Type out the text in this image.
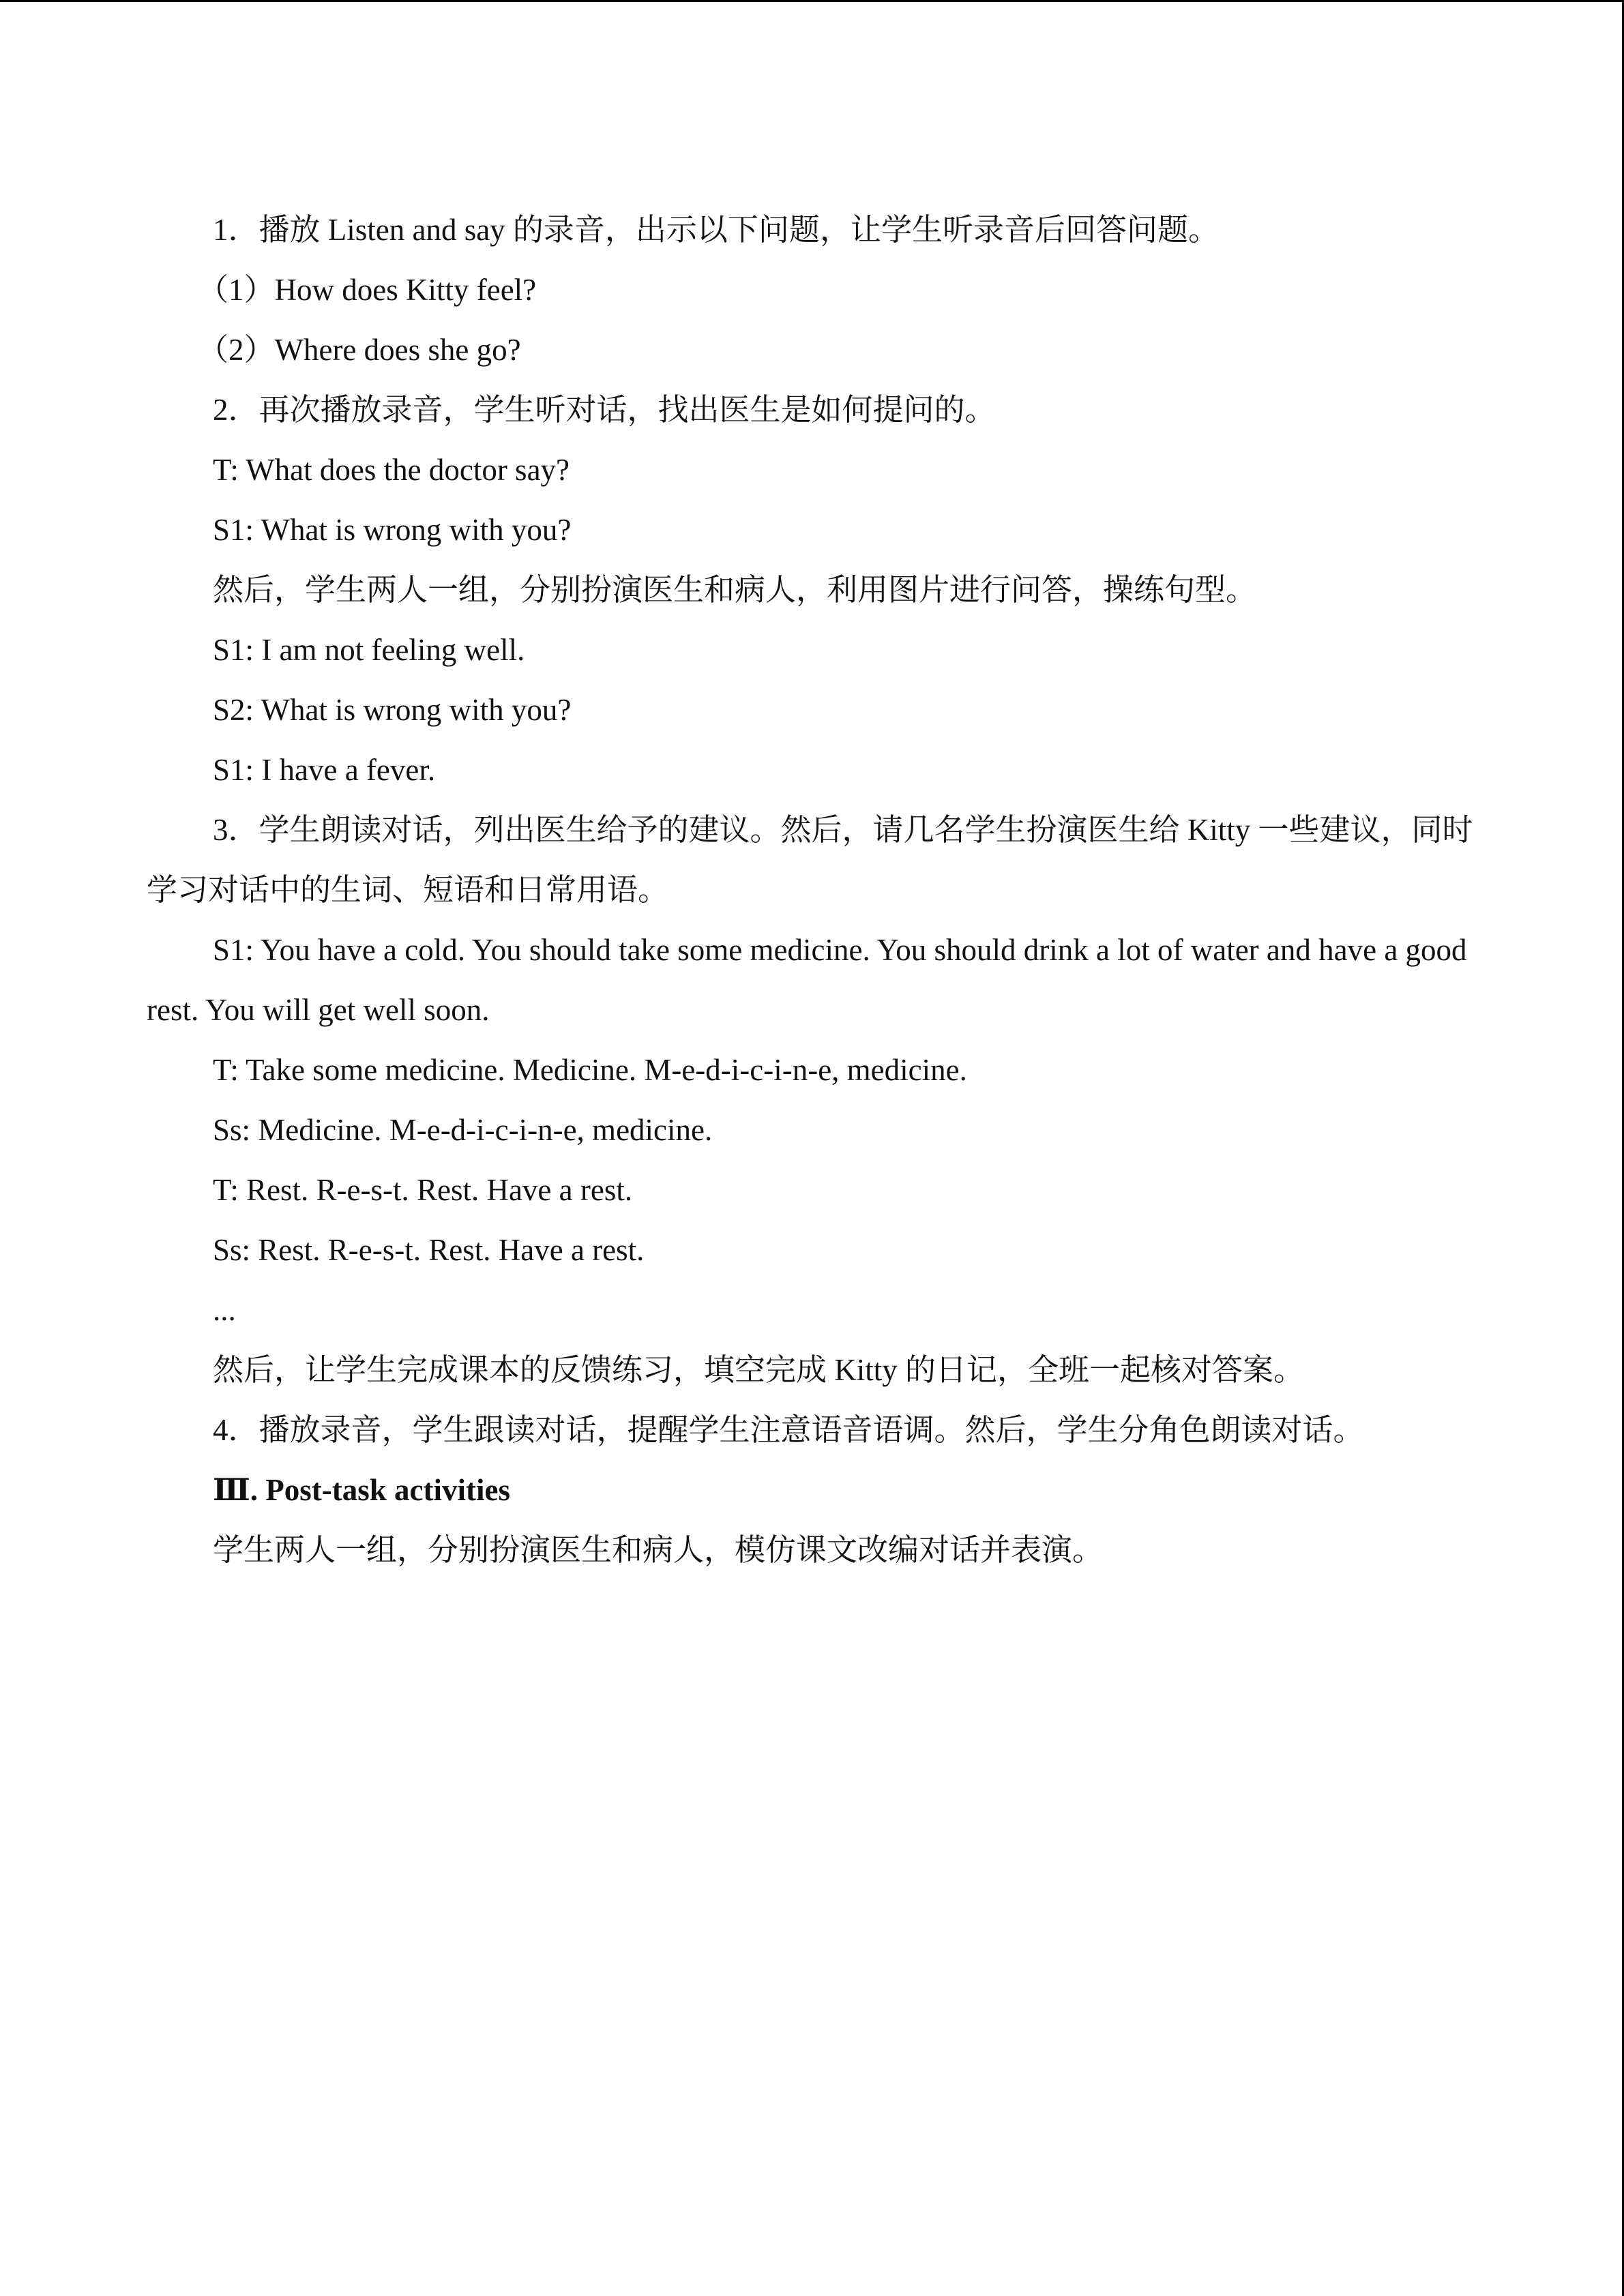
1．播放 Listen and say 的录音，出示以下问题，让学生听录音后回答问题。
（1）How does Kitty feel?
（2）Where does she go?
2．再次播放录音，学生听对话，找出医生是如何提问的。
T: What does the doctor say?
S1: What is wrong with you?
然后，学生两人一组，分别扮演医生和病人，利用图片进行问答，操练句型。
S1: I am not feeling well.
S2: What is wrong with you?
S1: I have a fever.

3．学生朗读对话，列出医生给予的建议。然后，请几名学生扮演医生给 Kitty 一些建议，同时学习对话中的生词、短语和日常用语。

S1: You have a cold. You should take some medicine. You should drink a lot of water and have a good rest. You will get well soon.

T: Take some medicine. Medicine. M-e-d-i-c-i-n-e, medicine.
Ss: Medicine. M-e-d-i-c-i-n-e, medicine.
T: Rest. R-e-s-t. Rest. Have a rest.
Ss: Rest. R-e-s-t. Rest. Have a rest.
...
然后，让学生完成课本的反馈练习，填空完成 Kitty 的日记，全班一起核对答案。
4．播放录音，学生跟读对话，提醒学生注意语音语调。然后，学生分角色朗读对话。
Ⅲ. Post-task activities
学生两人一组，分别扮演医生和病人，模仿课文改编对话并表演。
